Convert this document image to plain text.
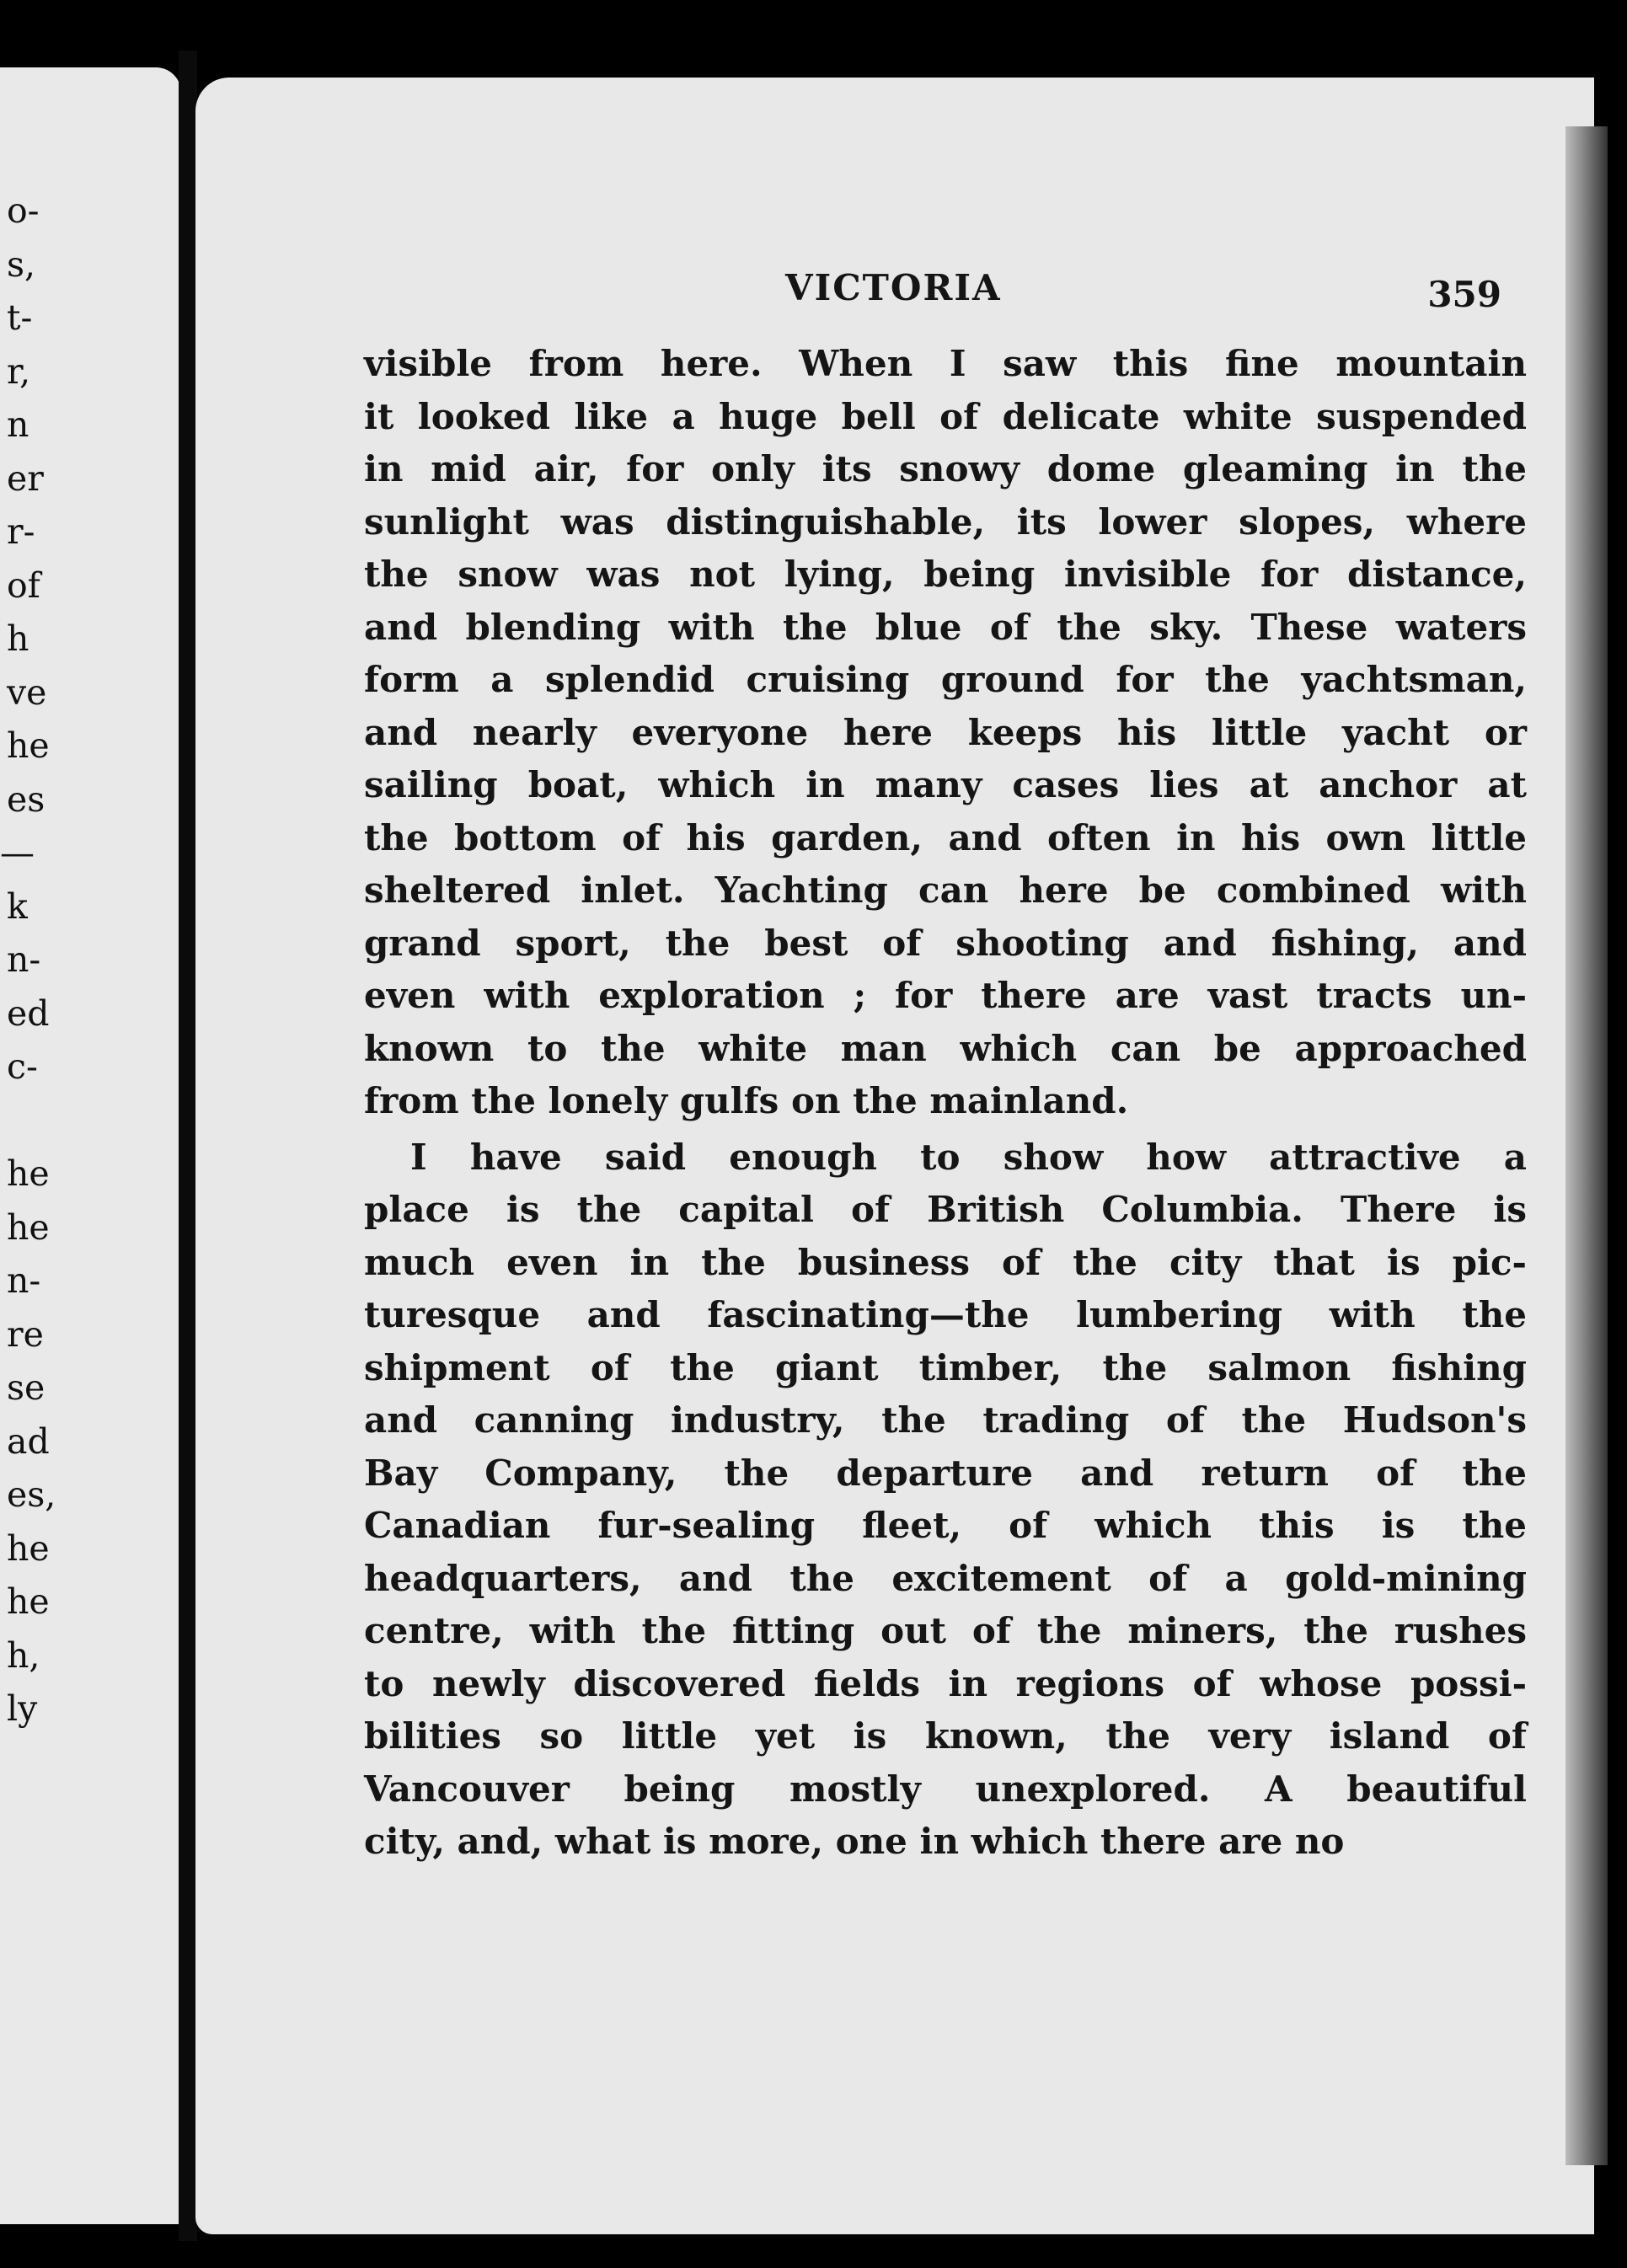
o-
s,
t-
r,
n
er
r-
of
h
ve
he
es
—
k
n-
ed
c-
he
he
n-
re
se
ad
es,
he
he
h,
ly
VICTORIA	359

visible from here. When I saw this fine mountain
it looked like a huge bell of delicate white suspended
in mid air, for only its snowy dome gleaming in the
sunlight was distinguishable, its lower slopes, where
the snow was not lying, being invisible for distance,
and blending with the blue of the sky. These waters
form a splendid cruising ground for the yachtsman,
and nearly everyone here keeps his little yacht or
sailing boat, which in many cases lies at anchor at
the bottom of his garden, and often in his own little
sheltered inlet. Yachting can here be combined with
grand sport, the best of shooting and fishing, and
even with exploration ; for there are vast tracts un-
known to the white man which can be approached
from the lonely gulfs on the mainland.

I have said enough to show how attractive a
place is the capital of British Columbia. There is
much even in the business of the city that is pic-
turesque and fascinating—the lumbering with the
shipment of the giant timber, the salmon fishing
and canning industry, the trading of the Hudson's
Bay Company, the departure and return of the
Canadian fur-sealing fleet, of which this is the
headquarters, and the excitement of a gold-mining
centre, with the fitting out of the miners, the rushes
to newly discovered fields in regions of whose possi-
bilities so little yet is known, the very island of
Vancouver being mostly unexplored. A beautiful
city, and, what is more, one in which there are no
